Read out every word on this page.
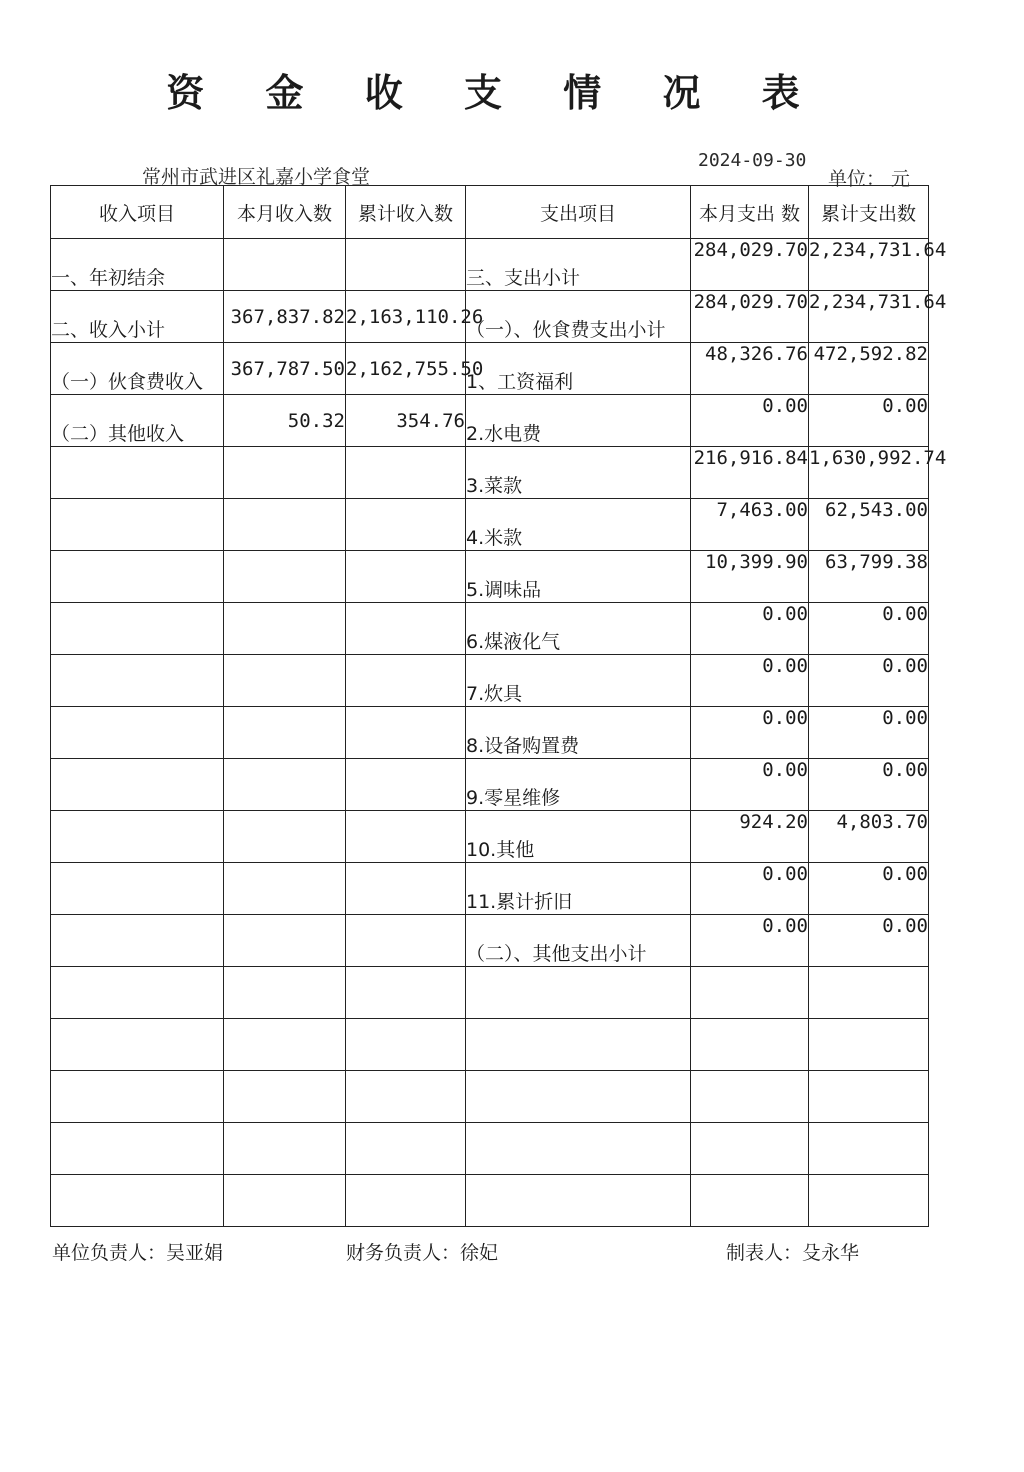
资 金 收 支 情 况 表
常州市武进区礼嘉小学食堂
2024-09-30
单位： 元
收入项目	本月收入数	累计收入数	支出项目	本月支出 数	累计支出数
一、年初结余			三、支出小计	284,029.70	2,234,731.64
二、收入小计	367,837.82	2,163,110.26	（一）、伙食费支出小计	284,029.70	2,234,731.64
（一）伙食费收入	367,787.50	2,162,755.50	1、工资福利	48,326.76	472,592.82
（二）其他收入	50.32	354.76	2.水电费	0.00	0.00
			3.菜款	216,916.84	1,630,992.74
			4.米款	7,463.00	62,543.00
			5.调味品	10,399.90	63,799.38
			6.煤液化气	0.00	0.00
			7.炊具	0.00	0.00
			8.设备购置费	0.00	0.00
			9.零星维修	0.00	0.00
			10.其他	924.20	4,803.70
			11.累计折旧	0.00	0.00
			（二）、其他支出小计	0.00	0.00

单位负责人：吴亚娟	财务负责人：徐妃	制表人：殳永华
